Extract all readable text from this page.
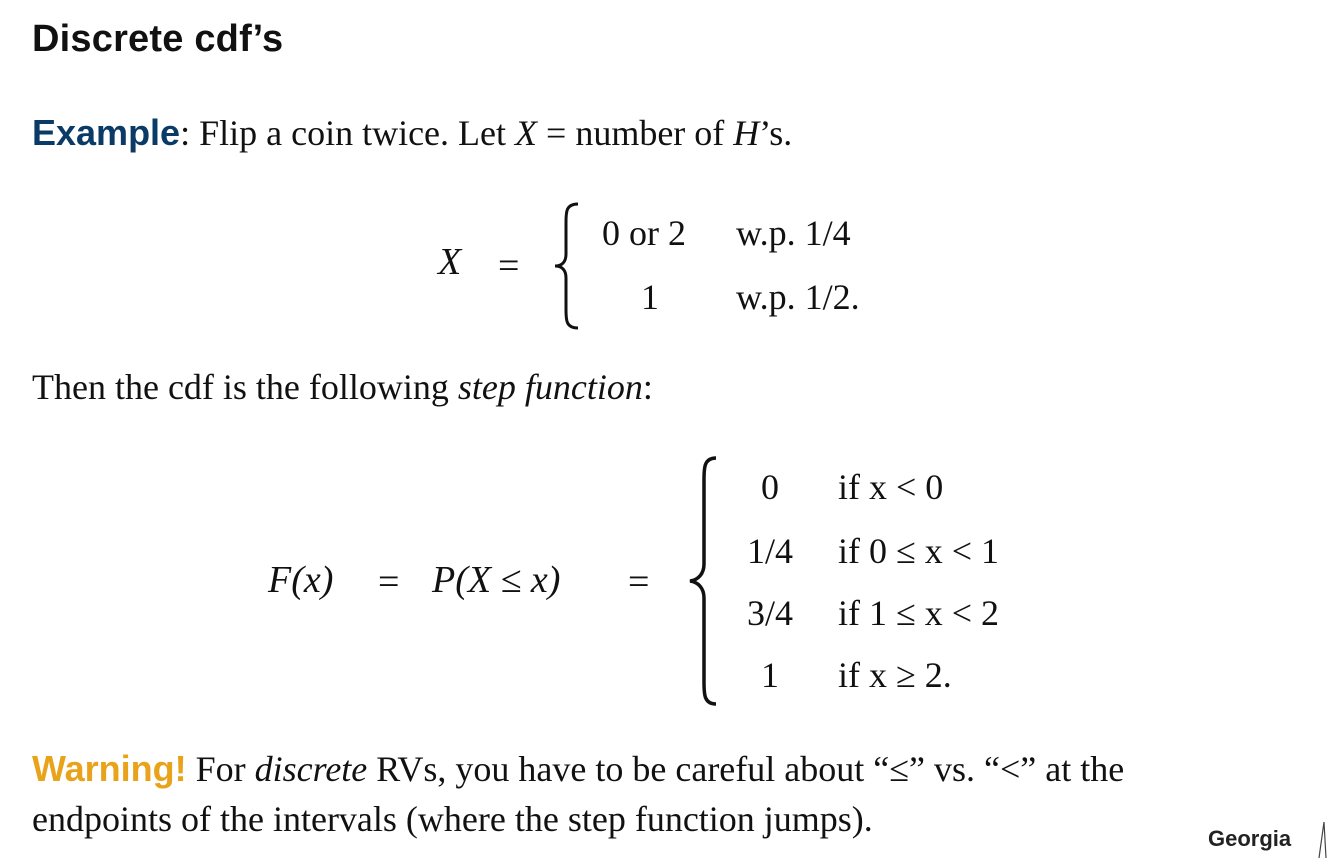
Discrete cdf’s
Example: Flip a coin twice. Let X = number of H’s.
X =
0 or 2 w.p. 1/4
1	w.p. 1/2.
Then the cdf is the following step function:
F(x) = P(X ≤ x) =
0	if x < 0
1/4	if 0 ≤ x < 1
3/4	if 1 ≤ x < 2
1	if x ≥ 2.
Warning! For discrete RVs, you have to be careful about “≤” vs. “<” at the
endpoints of the intervals (where the step function jumps).	Georgia
